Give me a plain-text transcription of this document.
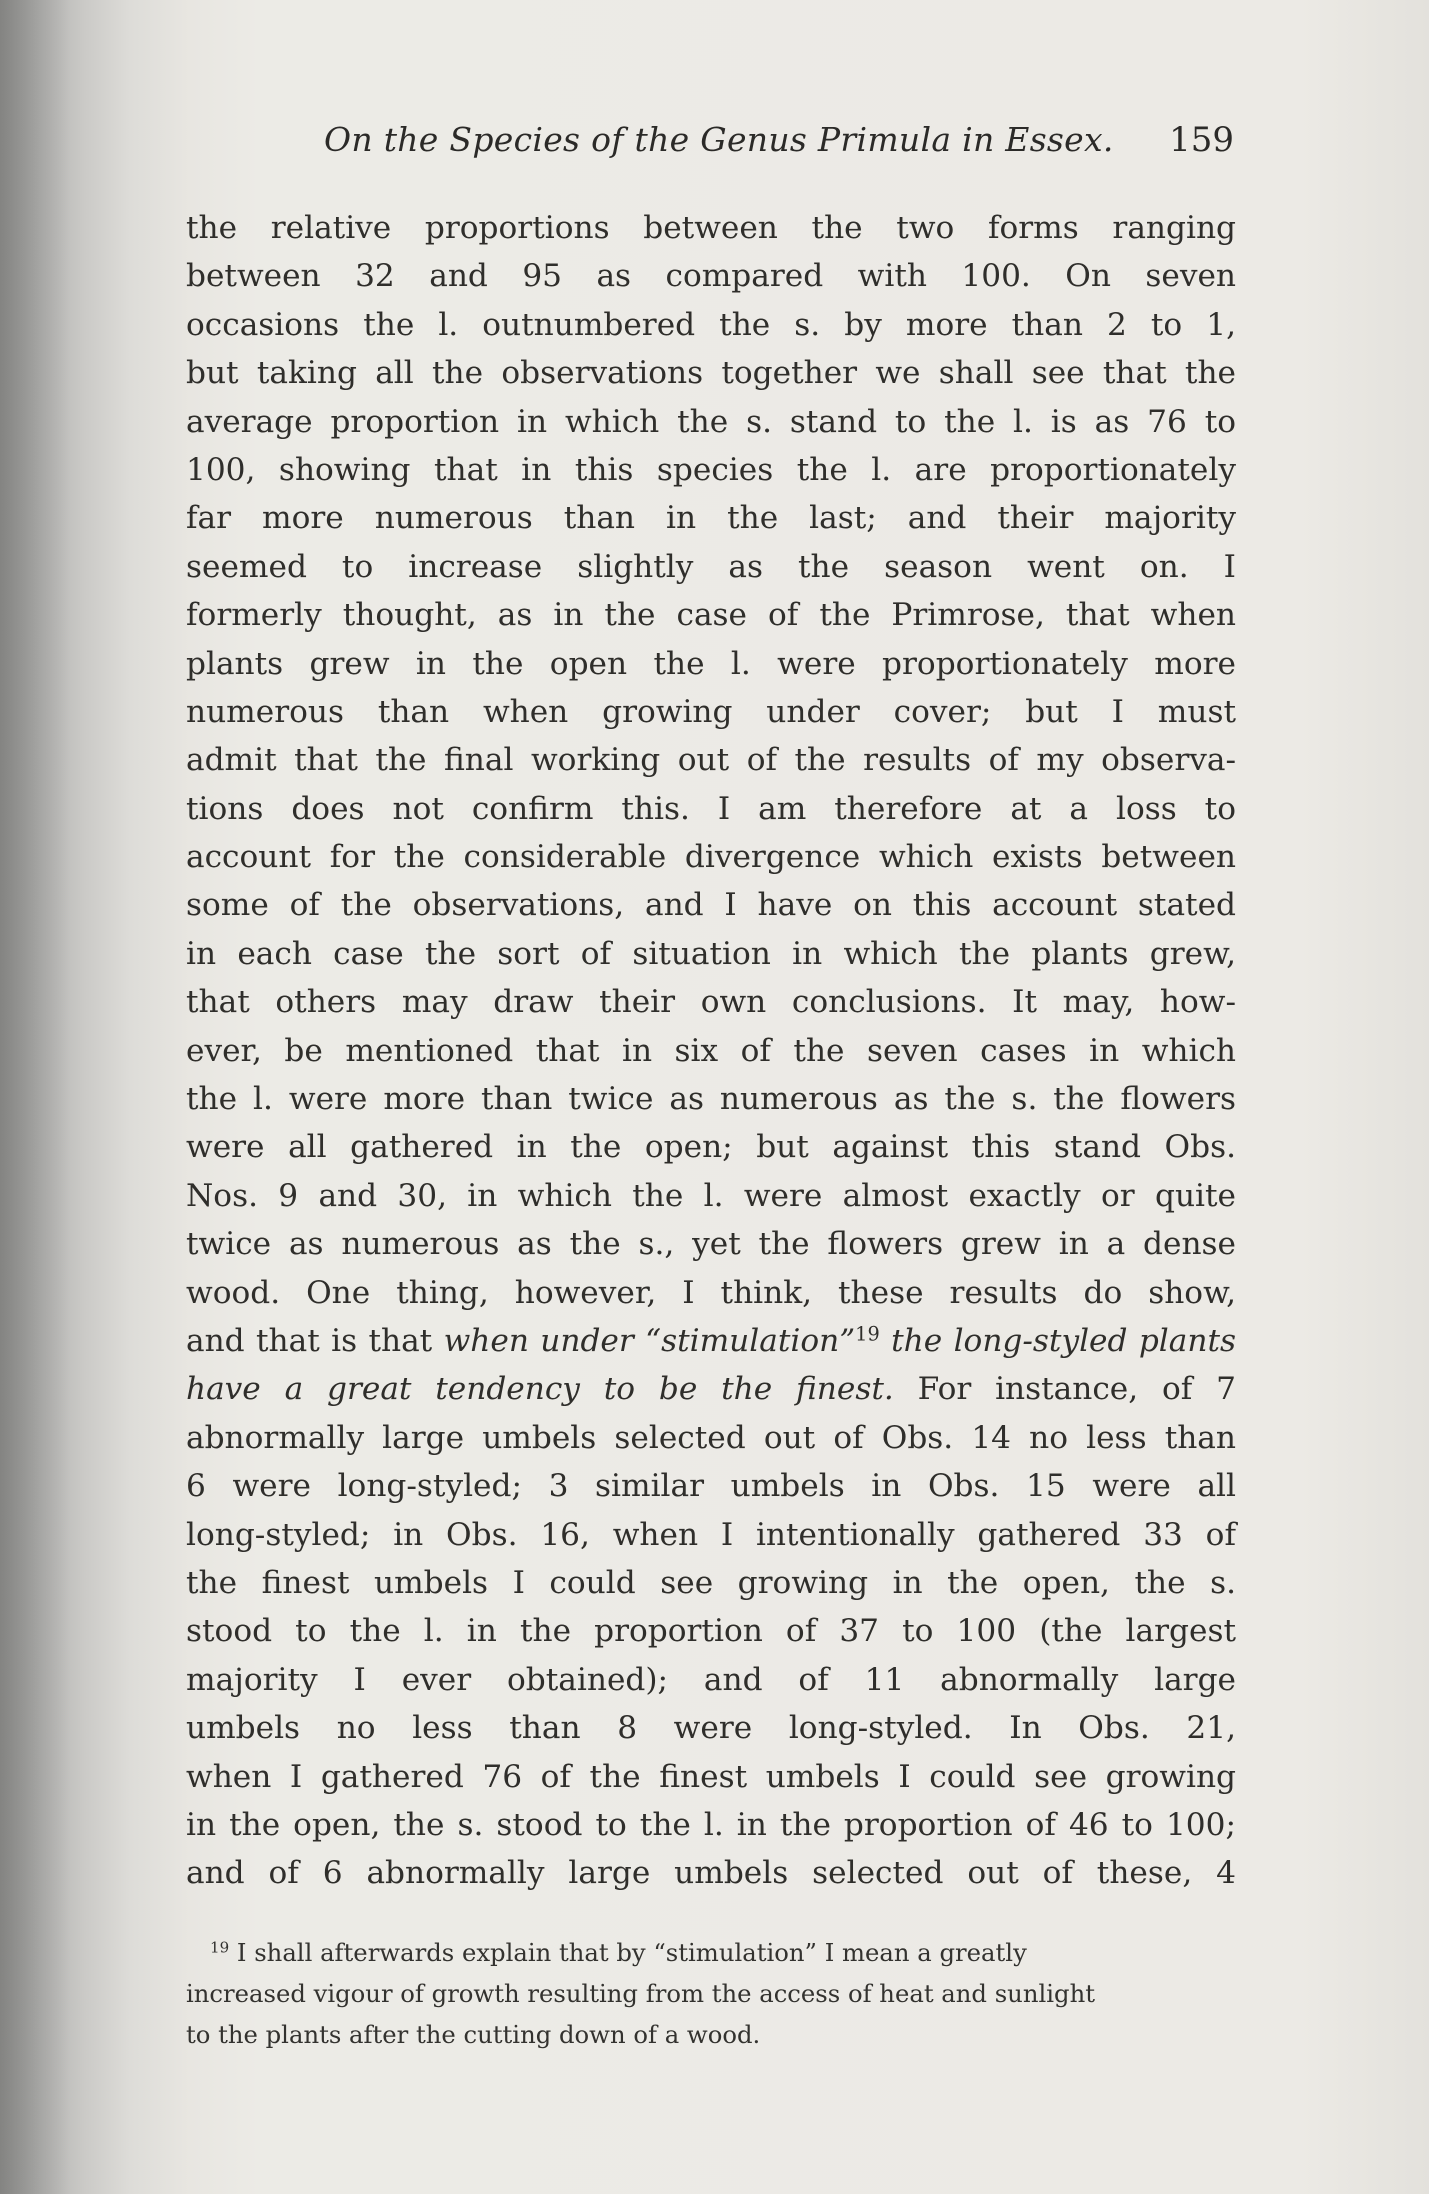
On the Species of the Genus Primula in Essex. 159
the relative proportions between the two forms ranging
between 32 and 95 as compared with 100. On seven
occasions the l. outnumbered the s. by more than 2 to 1,
but taking all the observations together we shall see that the
average proportion in which the s. stand to the l. is as 76 to
100, showing that in this species the l. are proportionately
far more numerous than in the last; and their majority
seemed to increase slightly as the season went on. I
formerly thought, as in the case of the Primrose, that when
plants grew in the open the l. were proportionately more
numerous than when growing under cover; but I must
admit that the final working out of the results of my observa-
tions does not confirm this. I am therefore at a loss to
account for the considerable divergence which exists between
some of the observations, and I have on this account stated
in each case the sort of situation in which the plants grew,
that others may draw their own conclusions. It may, how-
ever, be mentioned that in six of the seven cases in which
the l. were more than twice as numerous as the s. the flowers
were all gathered in the open; but against this stand Obs.
Nos. 9 and 30, in which the l. were almost exactly or quite
twice as numerous as the s., yet the flowers grew in a dense
wood. One thing, however, I think, these results do show,
and that is that when under “stimulation”$^{19}$ the long-styled plants
have a great tendency to be the finest. For instance, of 7
abnormally large umbels selected out of Obs. 14 no less than
6 were long-styled; 3 similar umbels in Obs. 15 were all
long-styled; in Obs. 16, when I intentionally gathered 33 of
the finest umbels I could see growing in the open, the s.
stood to the l. in the proportion of 37 to 100 (the largest
majority I ever obtained); and of 11 abnormally large
umbels no less than 8 were long-styled. In Obs. 21,
when I gathered 76 of the finest umbels I could see growing
in the open, the s. stood to the l. in the proportion of 46 to 100;
and of 6 abnormally large umbels selected out of these, 4
$^{19}$ I shall afterwards explain that by “stimulation” I mean a greatly
increased vigour of growth resulting from the access of heat and sunlight
to the plants after the cutting down of a wood.
